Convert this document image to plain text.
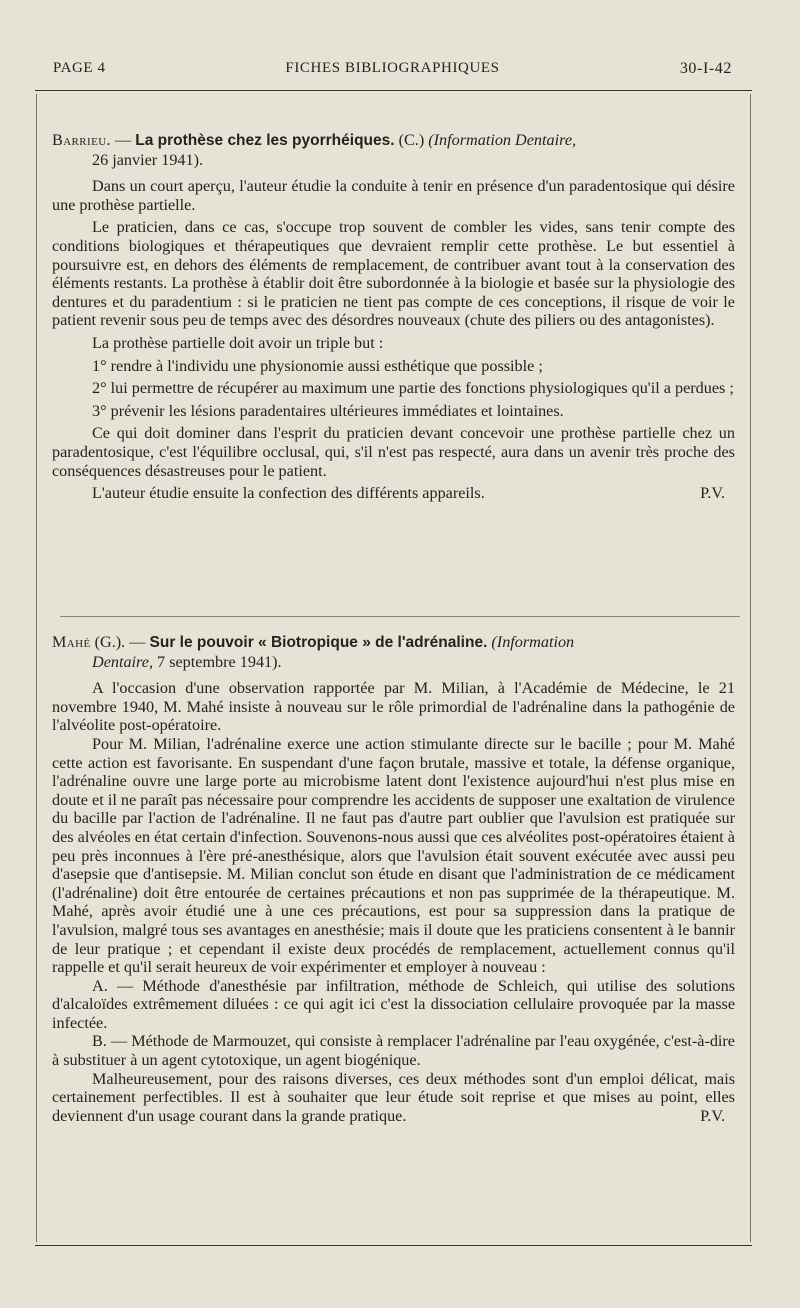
PAGE 4	FICHES BIBLIOGRAPHIQUES	30-I-42
Barrieu. — La prothèse chez les pyorrhéiques. (C.) (Information Dentaire,
26 janvier 1941).

Dans un court aperçu, l'auteur étudie la conduite à tenir en présence d'un paradentosique qui désire une prothèse partielle.

Le praticien, dans ce cas, s'occupe trop souvent de combler les vides, sans tenir compte des conditions biologiques et thérapeutiques que devraient remplir cette prothèse. Le but essentiel à poursuivre est, en dehors des éléments de remplacement, de contribuer avant tout à la conservation des éléments restants. La prothèse à établir doit être subordonnée à la biologie et basée sur la physiologie des dentures et du paradentium : si le praticien ne tient pas compte de ces conceptions, il risque de voir le patient revenir sous peu de temps avec des désordres nouveaux (chute des piliers ou des antagonistes).

La prothèse partielle doit avoir un triple but :

1° rendre à l'individu une physionomie aussi esthétique que possible ;

2° lui permettre de récupérer au maximum une partie des fonctions physiologiques qu'il a perdues ;

3° prévenir les lésions paradentaires ultérieures immédiates et lointaines.

Ce qui doit dominer dans l'esprit du praticien devant concevoir une prothèse partielle chez un paradentosique, c'est l'équilibre occlusal, qui, s'il n'est pas respecté, aura dans un avenir très proche des conséquences désastreuses pour le patient.

L'auteur étudie ensuite la confection des différents appareils.	P.V.

Mahé (G.). — Sur le pouvoir « Biotropique » de l'adrénaline. (Information
Dentaire, 7 septembre 1941).

A l'occasion d'une observation rapportée par M. Milian, à l'Académie de Médecine, le 21 novembre 1940, M. Mahé insiste à nouveau sur le rôle primordial de l'adrénaline dans la pathogénie de l'alvéolite post-opératoire.

Pour M. Milian, l'adrénaline exerce une action stimulante directe sur le bacille ; pour M. Mahé cette action est favorisante. En suspendant d'une façon brutale, massive et totale, la défense organique, l'adrénaline ouvre une large porte au microbisme latent dont l'existence aujourd'hui n'est plus mise en doute et il ne paraît pas nécessaire pour comprendre les accidents de supposer une exaltation de virulence du bacille par l'action de l'adrénaline. Il ne faut pas d'autre part oublier que l'avulsion est pratiquée sur des alvéoles en état certain d'infection. Souvenons-nous aussi que ces alvéolites post-opératoires étaient à peu près inconnues à l'ère pré-anesthésique, alors que l'avulsion était souvent exécutée avec aussi peu d'asepsie que d'antisepsie. M. Milian conclut son étude en disant que l'administration de ce médicament (l'adrénaline) doit être entourée de certaines précautions et non pas supprimée de la thérapeutique. M. Mahé, après avoir étudié une à une ces précautions, est pour sa suppression dans la pratique de l'avulsion, malgré tous ses avantages en anesthésie; mais il doute que les praticiens consentent à le bannir de leur pratique ; et cependant il existe deux procédés de remplacement, actuellement connus qu'il rappelle et qu'il serait heureux de voir expérimenter et employer à nouveau :

A. — Méthode d'anesthésie par infiltration, méthode de Schleich, qui utilise des solutions d'alcaloïdes extrêmement diluées : ce qui agit ici c'est la dissociation cellulaire provoquée par la masse infectée.

B. — Méthode de Marmouzet, qui consiste à remplacer l'adrénaline par l'eau oxygénée, c'est-à-dire à substituer à un agent cytotoxique, un agent biogénique.

Malheureusement, pour des raisons diverses, ces deux méthodes sont d'un emploi délicat, mais certainement perfectibles. Il est à souhaiter que leur étude soit reprise et que mises au point, elles deviennent d'un usage courant dans la grande pratique.	P.V.
